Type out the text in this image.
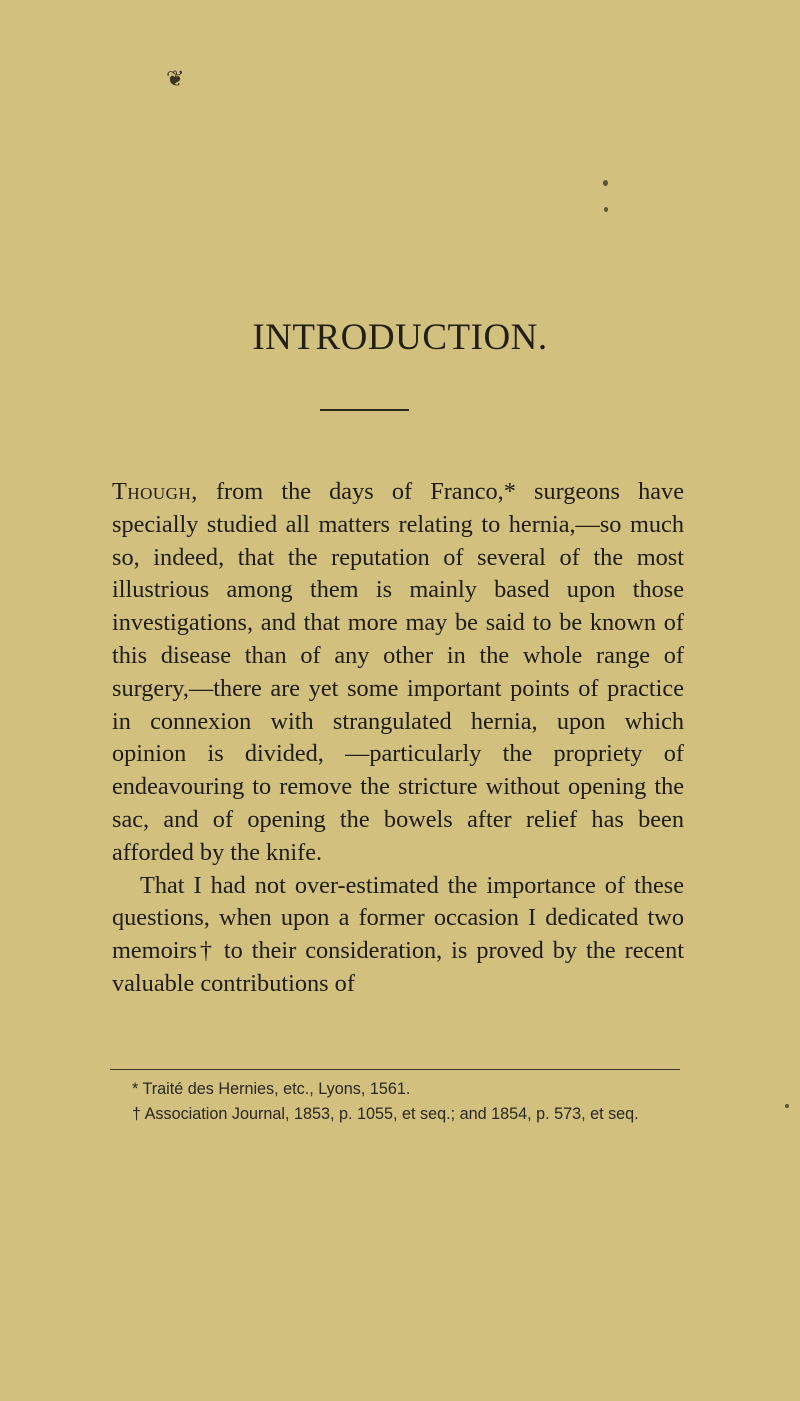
❦
INTRODUCTION.

Though, from the days of Franco,* surgeons have specially studied all matters relating to hernia,—so much so, indeed, that the reputation of several of the most illustrious among them is mainly based upon those investigations, and that more may be said to be known of this disease than of any other in the whole range of surgery,—there are yet some important points of practice in connexion with strangulated hernia, upon which opinion is divided, —particularly the propriety of endeavouring to remove the stricture without opening the sac, and of opening the bowels after relief has been afforded by the knife.

That I had not over-estimated the importance of these questions, when upon a former occasion I dedicated two memoirs† to their consideration, is proved by the recent valuable contributions of

* Traité des Hernies, etc., Lyons, 1561.

† Association Journal, 1853, p. 1055, et seq.; and 1854, p. 573, et seq.
